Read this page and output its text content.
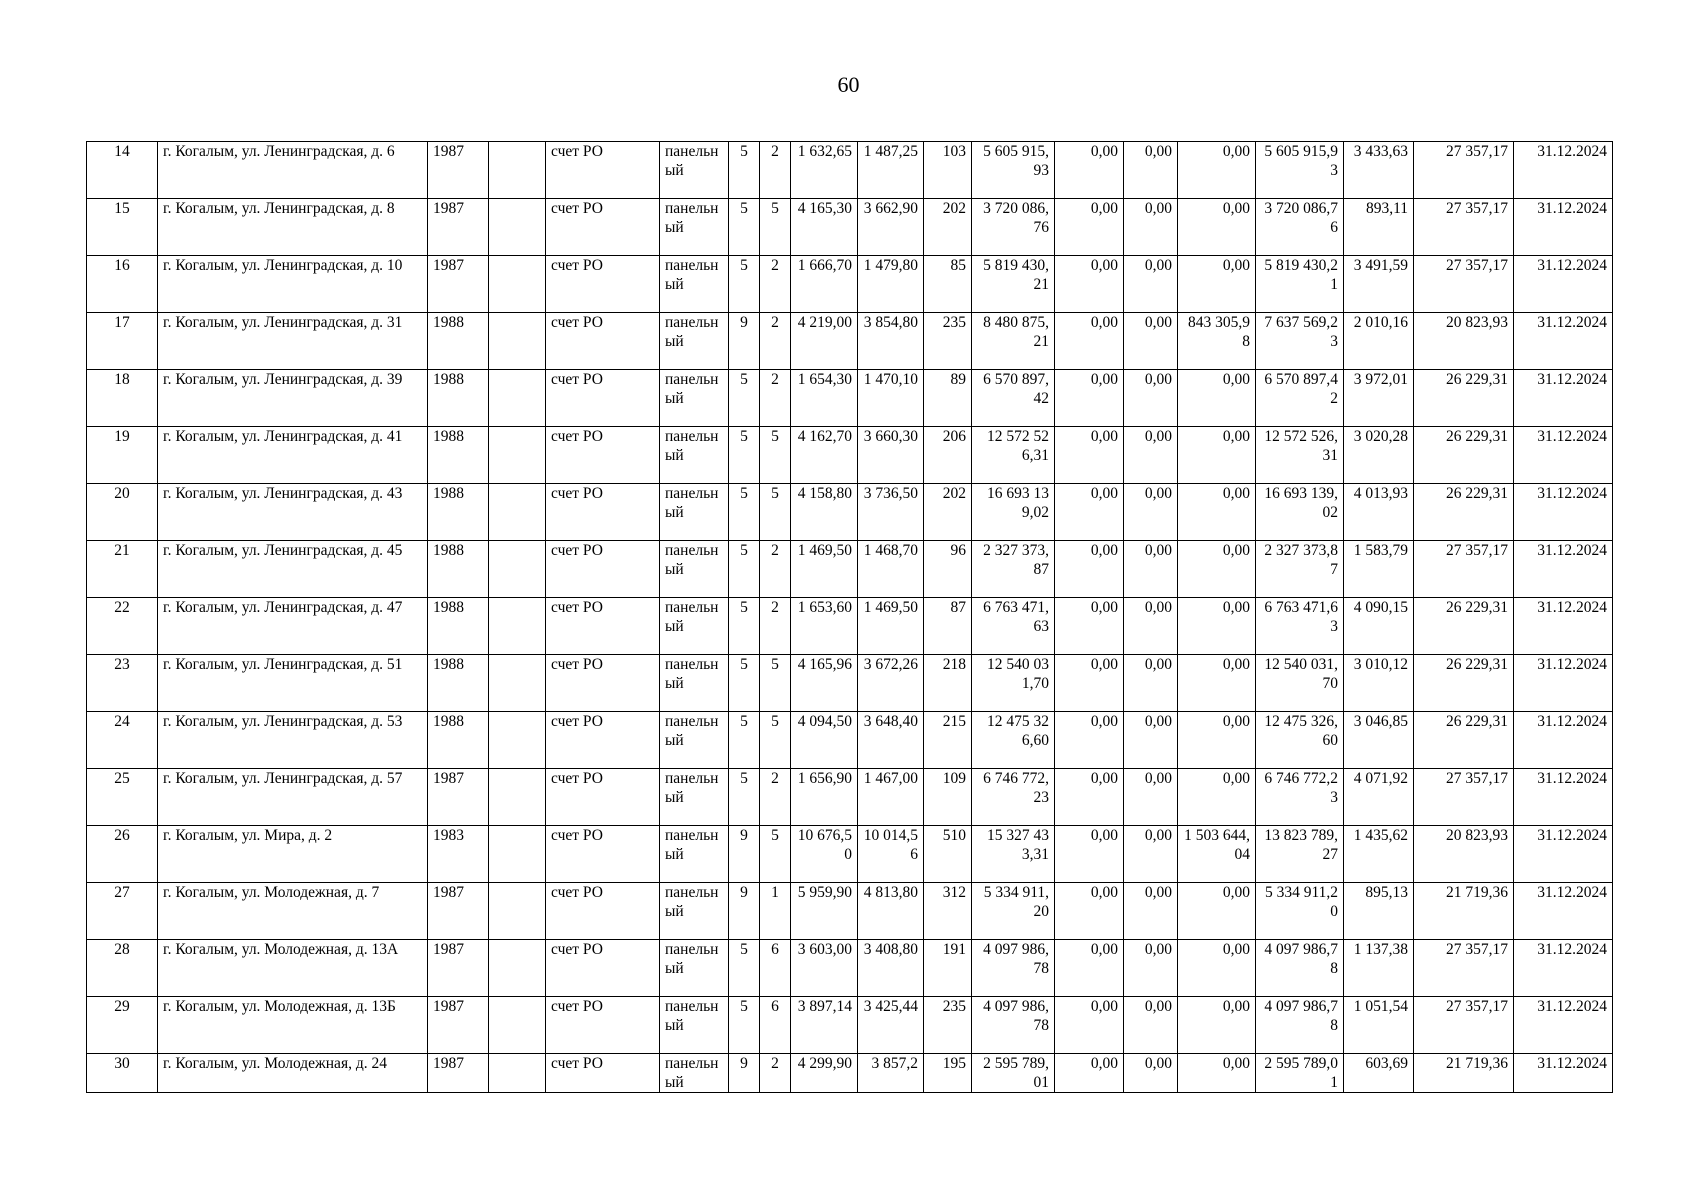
60
14	г. Когалым, ул. Ленинградская, д. 6	1987		счет РО	панельный	5	2	1 632,65	1 487,25	103	5 605 915,93	0,00	0,00	0,00	5 605 915,93	3 433,63	27 357,17	31.12.2024
15	г. Когалым, ул. Ленинградская, д. 8	1987		счет РО	панельный	5	5	4 165,30	3 662,90	202	3 720 086,76	0,00	0,00	0,00	3 720 086,76	893,11	27 357,17	31.12.2024
16	г. Когалым, ул. Ленинградская, д. 10	1987		счет РО	панельный	5	2	1 666,70	1 479,80	85	5 819 430,21	0,00	0,00	0,00	5 819 430,21	3 491,59	27 357,17	31.12.2024
17	г. Когалым, ул. Ленинградская, д. 31	1988		счет РО	панельный	9	2	4 219,00	3 854,80	235	8 480 875,21	0,00	0,00	843 305,98	7 637 569,23	2 010,16	20 823,93	31.12.2024
18	г. Когалым, ул. Ленинградская, д. 39	1988		счет РО	панельный	5	2	1 654,30	1 470,10	89	6 570 897,42	0,00	0,00	0,00	6 570 897,42	3 972,01	26 229,31	31.12.2024
19	г. Когалым, ул. Ленинградская, д. 41	1988		счет РО	панельный	5	5	4 162,70	3 660,30	206	12 572 526,31	0,00	0,00	0,00	12 572 526,31	3 020,28	26 229,31	31.12.2024
20	г. Когалым, ул. Ленинградская, д. 43	1988		счет РО	панельный	5	5	4 158,80	3 736,50	202	16 693 139,02	0,00	0,00	0,00	16 693 139,02	4 013,93	26 229,31	31.12.2024
21	г. Когалым, ул. Ленинградская, д. 45	1988		счет РО	панельный	5	2	1 469,50	1 468,70	96	2 327 373,87	0,00	0,00	0,00	2 327 373,87	1 583,79	27 357,17	31.12.2024
22	г. Когалым, ул. Ленинградская, д. 47	1988		счет РО	панельный	5	2	1 653,60	1 469,50	87	6 763 471,63	0,00	0,00	0,00	6 763 471,63	4 090,15	26 229,31	31.12.2024
23	г. Когалым, ул. Ленинградская, д. 51	1988		счет РО	панельный	5	5	4 165,96	3 672,26	218	12 540 031,70	0,00	0,00	0,00	12 540 031,70	3 010,12	26 229,31	31.12.2024
24	г. Когалым, ул. Ленинградская, д. 53	1988		счет РО	панельный	5	5	4 094,50	3 648,40	215	12 475 326,60	0,00	0,00	0,00	12 475 326,60	3 046,85	26 229,31	31.12.2024
25	г. Когалым, ул. Ленинградская, д. 57	1987		счет РО	панельный	5	2	1 656,90	1 467,00	109	6 746 772,23	0,00	0,00	0,00	6 746 772,23	4 071,92	27 357,17	31.12.2024
26	г. Когалым, ул. Мира, д. 2	1983		счет РО	панельный	9	5	10 676,50	10 014,56	510	15 327 433,31	0,00	0,00	1 503 644,04	13 823 789,27	1 435,62	20 823,93	31.12.2024
27	г. Когалым, ул. Молодежная, д. 7	1987		счет РО	панельный	9	1	5 959,90	4 813,80	312	5 334 911,20	0,00	0,00	0,00	5 334 911,20	895,13	21 719,36	31.12.2024
28	г. Когалым, ул. Молодежная, д. 13А	1987		счет РО	панельный	5	6	3 603,00	3 408,80	191	4 097 986,78	0,00	0,00	0,00	4 097 986,78	1 137,38	27 357,17	31.12.2024
29	г. Когалым, ул. Молодежная, д. 13Б	1987		счет РО	панельный	5	6	3 897,14	3 425,44	235	4 097 986,78	0,00	0,00	0,00	4 097 986,78	1 051,54	27 357,17	31.12.2024
30	г. Когалым, ул. Молодежная, д. 24	1987		счет РО	панельный	9	2	4 299,90	3 857,2	195	2 595 789,01	0,00	0,00	0,00	2 595 789,01	603,69	21 719,36	31.12.2024
